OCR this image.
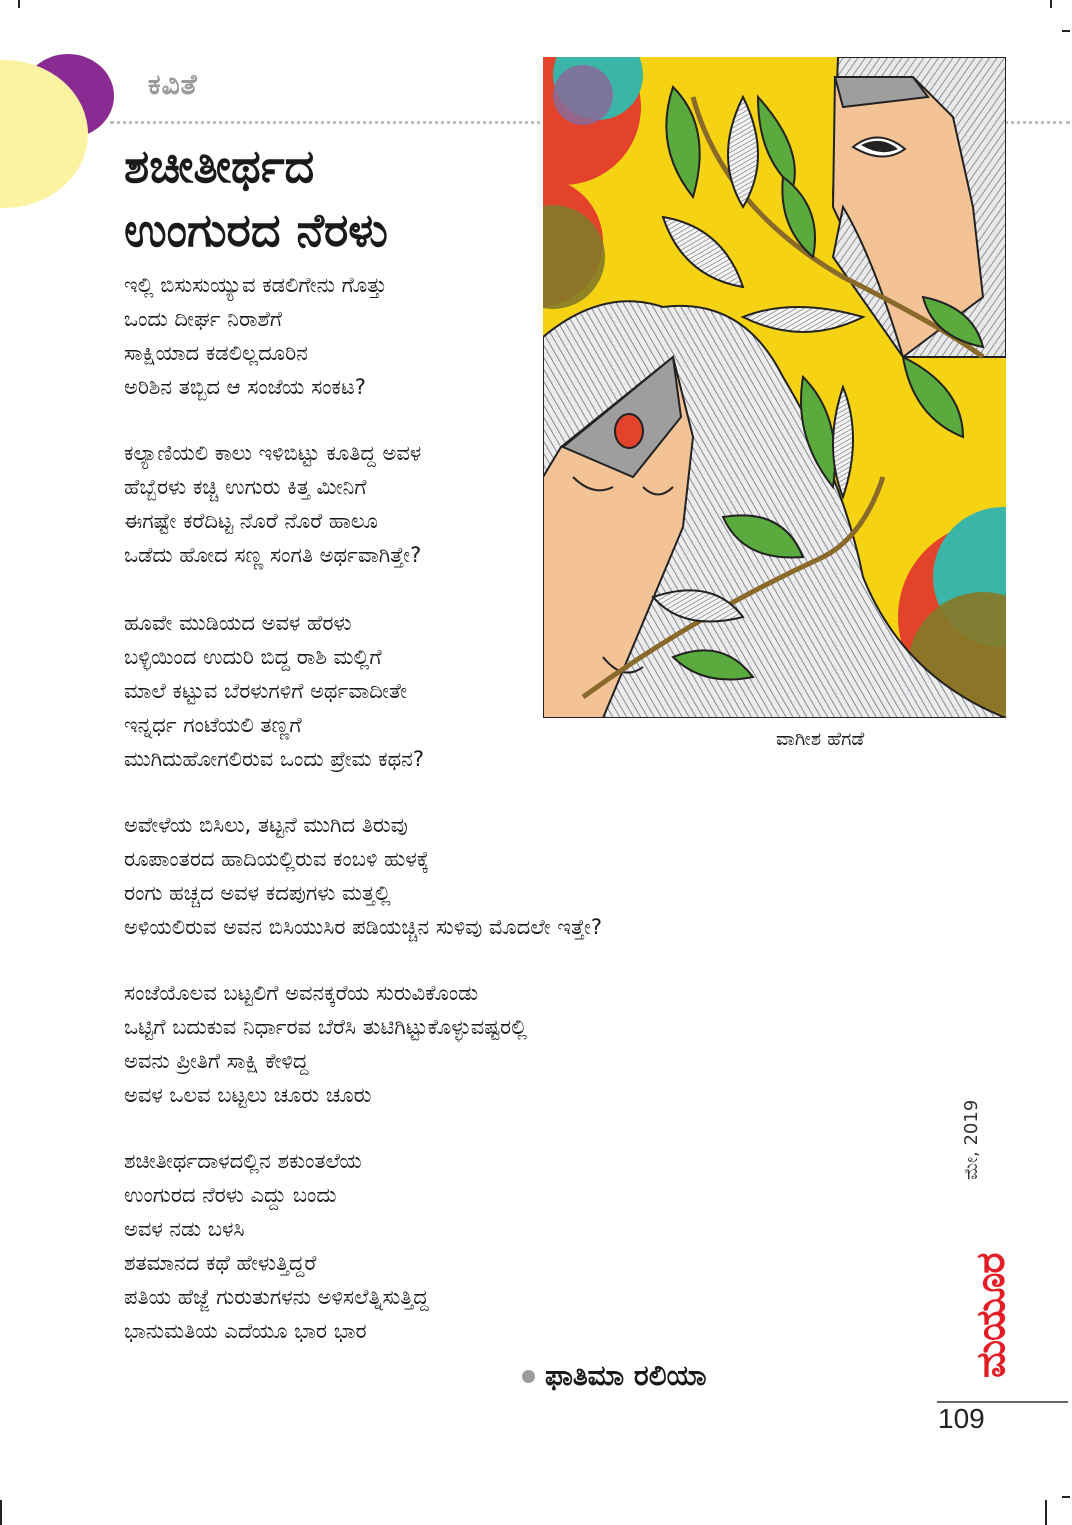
ಕವಿತೆ
ಶಚೀತೀರ್ಥದ
ಉಂಗುರದ ನೆರಳು
ಇಲ್ಲಿ ಬಿಸುಸುಯ್ಯುವ ಕಡಲಿಗೇನು ಗೊತ್ತು
ಒಂದು ದೀರ್ಘ ನಿರಾಶೆಗೆ
ಸಾಕ್ಷಿಯಾದ ಕಡಲಿಲ್ಲದೂರಿನ
ಅರಿಶಿನ ತಬ್ಬಿದ ಆ ಸಂಜೆಯ ಸಂಕಟ?
ಕಲ್ಯಾಣಿಯಲಿ ಕಾಲು ಇಳಿಬಿಟ್ಟು ಕೂತಿದ್ದ ಅವಳ
ಹೆಬ್ಬೆರಳು ಕಚ್ಚಿ ಉಗುರು ಕಿತ್ತ ಮೀನಿಗೆ
ಈಗಷ್ಟೇ ಕರೆದಿಟ್ಟ ನೊರೆ ನೊರೆ ಹಾಲೂ
ಒಡೆದು ಹೋದ ಸಣ್ಣ ಸಂಗತಿ ಅರ್ಥವಾಗಿತ್ತೇ?
ಹೂವೇ ಮುಡಿಯದ ಅವಳ ಹೆರಳು
ಬಳ್ಳಿಯಿಂದ ಉದುರಿ ಬಿದ್ದ ರಾಶಿ ಮಲ್ಲಿಗೆ
ಮಾಲೆ ಕಟ್ಟುವ ಬೆರಳುಗಳಿಗೆ ಅರ್ಥವಾದೀತೇ
ಇನ್ನರ್ಧ ಗಂಟೆಯಲಿ ತಣ್ಣಗೆ
ಮುಗಿದುಹೋಗಲಿರುವ ಒಂದು ಪ್ರೇಮ ಕಥನ?
ಅವೇಳೆಯ ಬಿಸಿಲು, ತಟ್ಟನೆ ಮುಗಿದ ತಿರುವು
ರೂಪಾಂತರದ ಹಾದಿಯಲ್ಲಿರುವ ಕಂಬಳಿ ಹುಳಕ್ಕೆ
ರಂಗು ಹಚ್ಚದ ಅವಳ ಕದಪುಗಳು ಮತ್ತಲ್ಲಿ
ಅಳಿಯಲಿರುವ ಅವನ ಬಿಸಿಯುಸಿರ ಪಡಿಯಚ್ಚಿನ ಸುಳಿವು ಮೊದಲೇ ಇತ್ತೇ?
ಸಂಜೆಯೊಲವ ಬಟ್ಟಲಿಗೆ ಅವನಕ್ಕರೆಯ ಸುರುವಿಕೊಂಡು
ಒಟ್ಟಿಗೆ ಬದುಕುವ ನಿರ್ಧಾರವ ಬೆರೆಸಿ ತುಟಿಗಿಟ್ಟುಕೊಳ್ಳುವಷ್ಟರಲ್ಲಿ
ಅವನು ಪ್ರೀತಿಗೆ ಸಾಕ್ಷಿ ಕೇಳಿದ್ದ
ಅವಳ ಒಲವ ಬಟ್ಟಲು ಚೂರು ಚೂರು
ಶಚೀತೀರ್ಥದಾಳದಲ್ಲಿನ ಶಕುಂತಲೆಯ
ಉಂಗುರದ ನೆರಳು ಎದ್ದು ಬಂದು
ಅವಳ ನಡು ಬಳಸಿ
ಶತಮಾನದ ಕಥೆ ಹೇಳುತ್ತಿದ್ದರೆ
ಪತಿಯ ಹೆಜ್ಜೆ ಗುರುತುಗಳನು ಅಳಿಸಲೆತ್ನಿಸುತ್ತಿದ್ದ
ಭಾನುಮತಿಯ ಎದೆಯೂ ಭಾರ ಭಾರ
ವಾಗೀಶ ಹೆಗಡೆ
ಫಾತಿಮಾ ರಲಿಯಾ
ಮೇ, 2019
ಮಯೂರ
109
